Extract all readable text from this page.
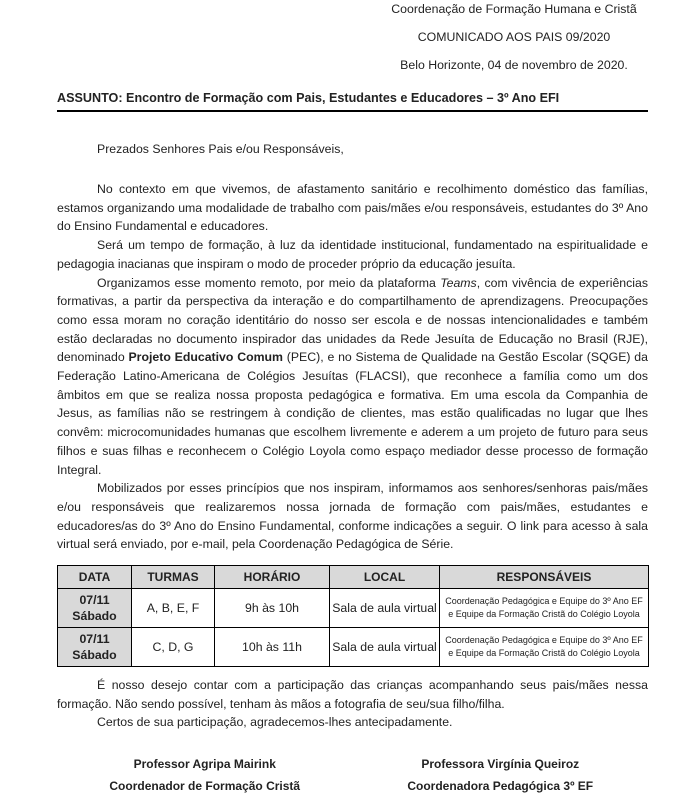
Coordenação de Formação Humana e Cristã
COMUNICADO AOS PAIS 09/2020
Belo Horizonte, 04 de novembro de 2020.
ASSUNTO: Encontro de Formação com Pais, Estudantes e Educadores – 3º Ano EFI
Prezados Senhores Pais e/ou Responsáveis,

No contexto em que vivemos, de afastamento sanitário e recolhimento doméstico das famílias, estamos organizando uma modalidade de trabalho com pais/mães e/ou responsáveis, estudantes do 3º Ano do Ensino Fundamental e educadores.

Será um tempo de formação, à luz da identidade institucional, fundamentado na espiritualidade e pedagogia inacianas que inspiram o modo de proceder próprio da educação jesuíta.

Organizamos esse momento remoto, por meio da plataforma Teams, com vivência de experiências formativas, a partir da perspectiva da interação e do compartilhamento de aprendizagens. Preocupações como essa moram no coração identitário do nosso ser escola e de nossas intencionalidades e também estão declaradas no documento inspirador das unidades da Rede Jesuíta de Educação no Brasil (RJE), denominado Projeto Educativo Comum (PEC), e no Sistema de Qualidade na Gestão Escolar (SQGE) da Federação Latino-Americana de Colégios Jesuítas (FLACSI), que reconhece a família como um dos âmbitos em que se realiza nossa proposta pedagógica e formativa. Em uma escola da Companhia de Jesus, as famílias não se restringem à condição de clientes, mas estão qualificadas no lugar que lhes convêm: microcomunidades humanas que escolhem livremente e aderem a um projeto de futuro para seus filhos e suas filhas e reconhecem o Colégio Loyola como espaço mediador desse processo de formação Integral.

Mobilizados por esses princípios que nos inspiram, informamos aos senhores/senhoras pais/mães e/ou responsáveis que realizaremos nossa jornada de formação com pais/mães, estudantes e educadores/as do 3º Ano do Ensino Fundamental, conforme indicações a seguir. O link para acesso à sala virtual será enviado, por e-mail, pela Coordenação Pedagógica de Série.

DATA	TURMAS	HORÁRIO	LOCAL	RESPONSÁVEIS

07/11
Sábado	A, B, E, F	9h às 10h	Sala de aula virtual	Coordenação Pedagógica e Equipe do 3º Ano EF
e Equipe da Formação Cristã do Colégio Loyola

07/11
Sábado	C, D, G	10h às 11h	Sala de aula virtual	Coordenação Pedagógica e Equipe do 3º Ano EF
e Equipe da Formação Cristã do Colégio Loyola

É nosso desejo contar com a participação das crianças acompanhando seus pais/mães nessa formação. Não sendo possível, tenham às mãos a fotografia de seu/sua filho/filha.

Certos de sua participação, agradecemos-lhes antecipadamente.

Professor Agripa Mairink
Coordenador de Formação Cristã
Professora Virgínia Queiroz
Coordenadora Pedagógica 3º EF
